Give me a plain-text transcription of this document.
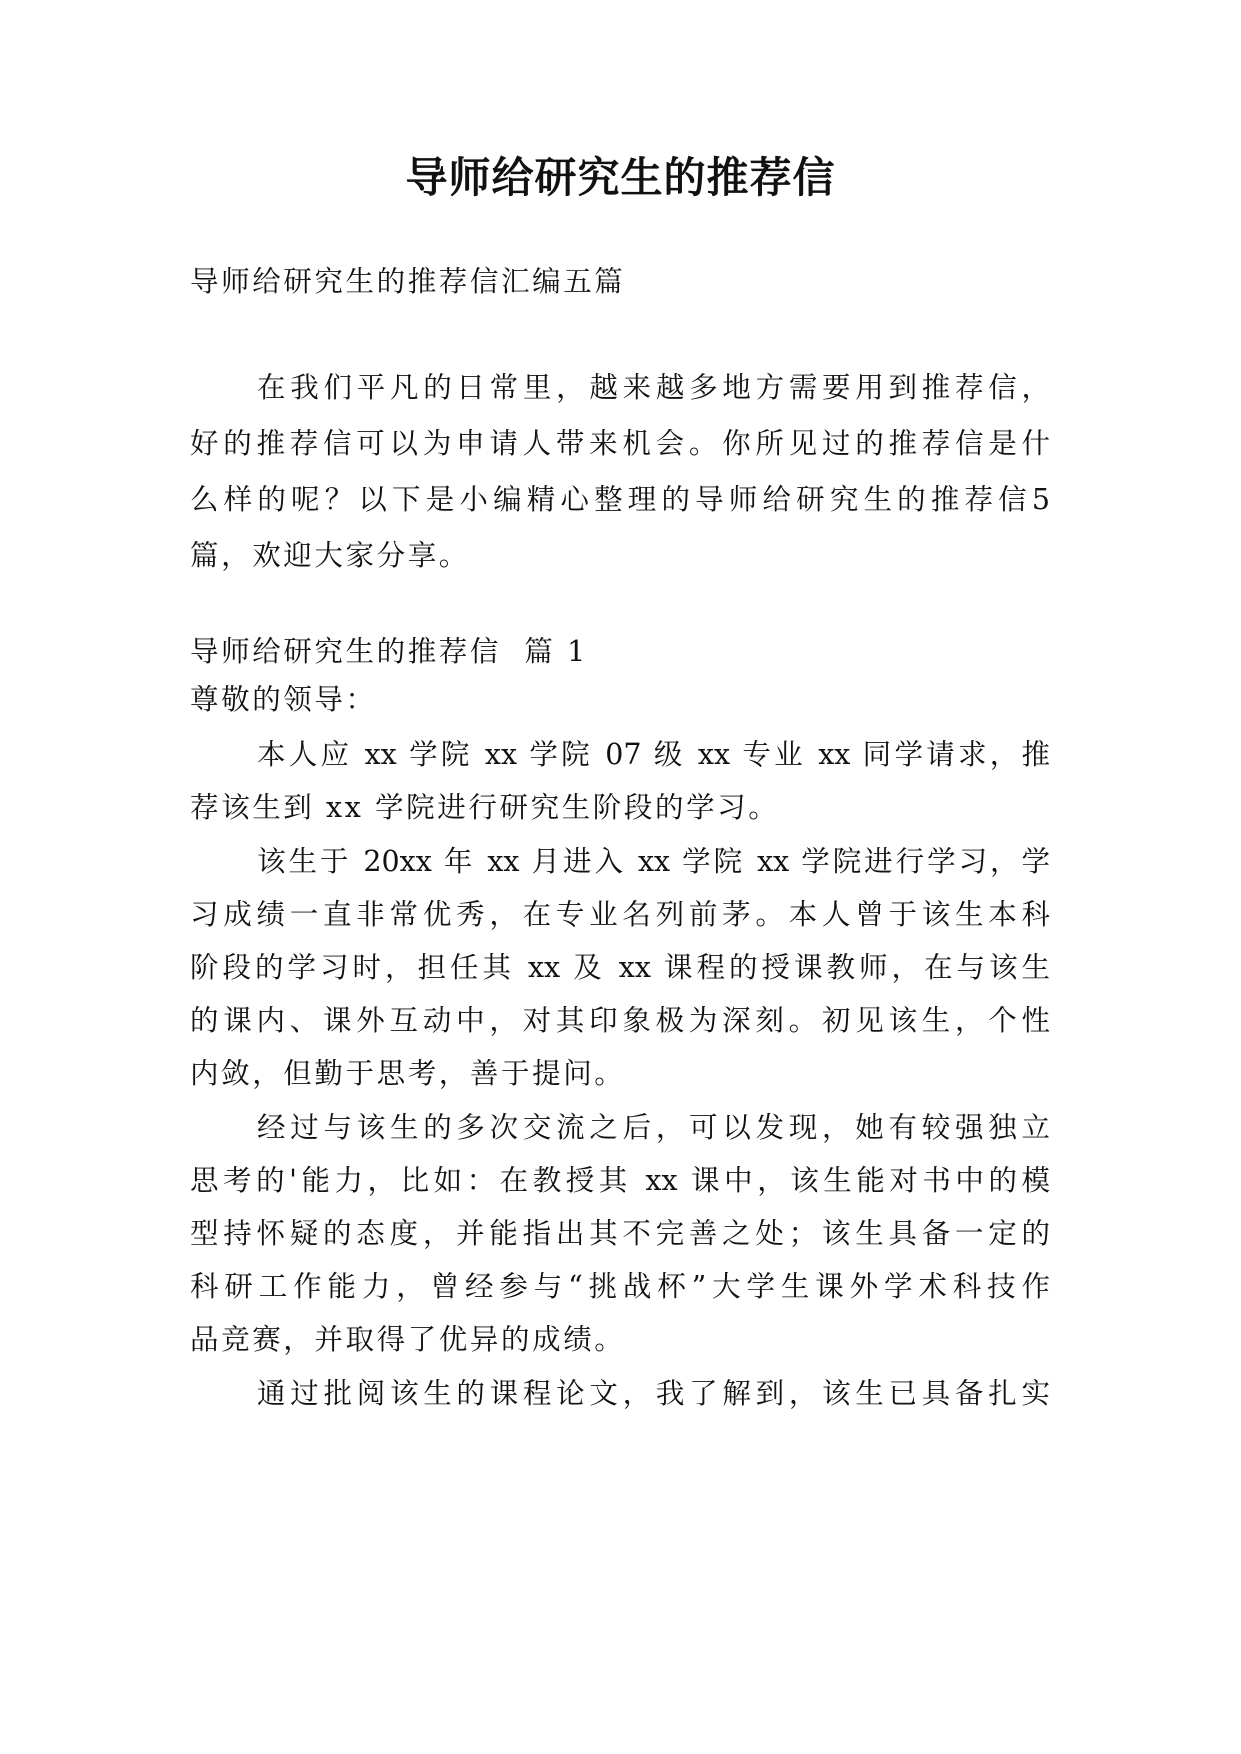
导师给研究生的推荐信
导师给研究生的推荐信汇编五篇
在我们平凡的日常里，越来越多地方需要用到推荐信，
好的推荐信可以为申请人带来机会。你所见过的推荐信是什
么样的呢？以下是小编精心整理的导师给研究生的推荐信5
篇，欢迎大家分享。
导师给研究生的推荐信  篇 1
尊敬的领导：
本人应 xx 学院 xx 学院 07 级 xx 专业 xx 同学请求，推
荐该生到 xx 学院进行研究生阶段的学习。
该生于 20xx 年 xx 月进入 xx 学院 xx 学院进行学习，学
习成绩一直非常优秀，在专业名列前茅。本人曾于该生本科
阶段的学习时，担任其 xx 及 xx 课程的授课教师，在与该生
的课内、课外互动中，对其印象极为深刻。初见该生，个性
内敛，但勤于思考，善于提问。
经过与该生的多次交流之后，可以发现，她有较强独立
思考的'能力，比如：在教授其 xx 课中，该生能对书中的模
型持怀疑的态度，并能指出其不完善之处；该生具备一定的
科研工作能力，曾经参与“挑战杯”大学生课外学术科技作
品竞赛，并取得了优异的成绩。
通过批阅该生的课程论文，我了解到，该生已具备扎实
